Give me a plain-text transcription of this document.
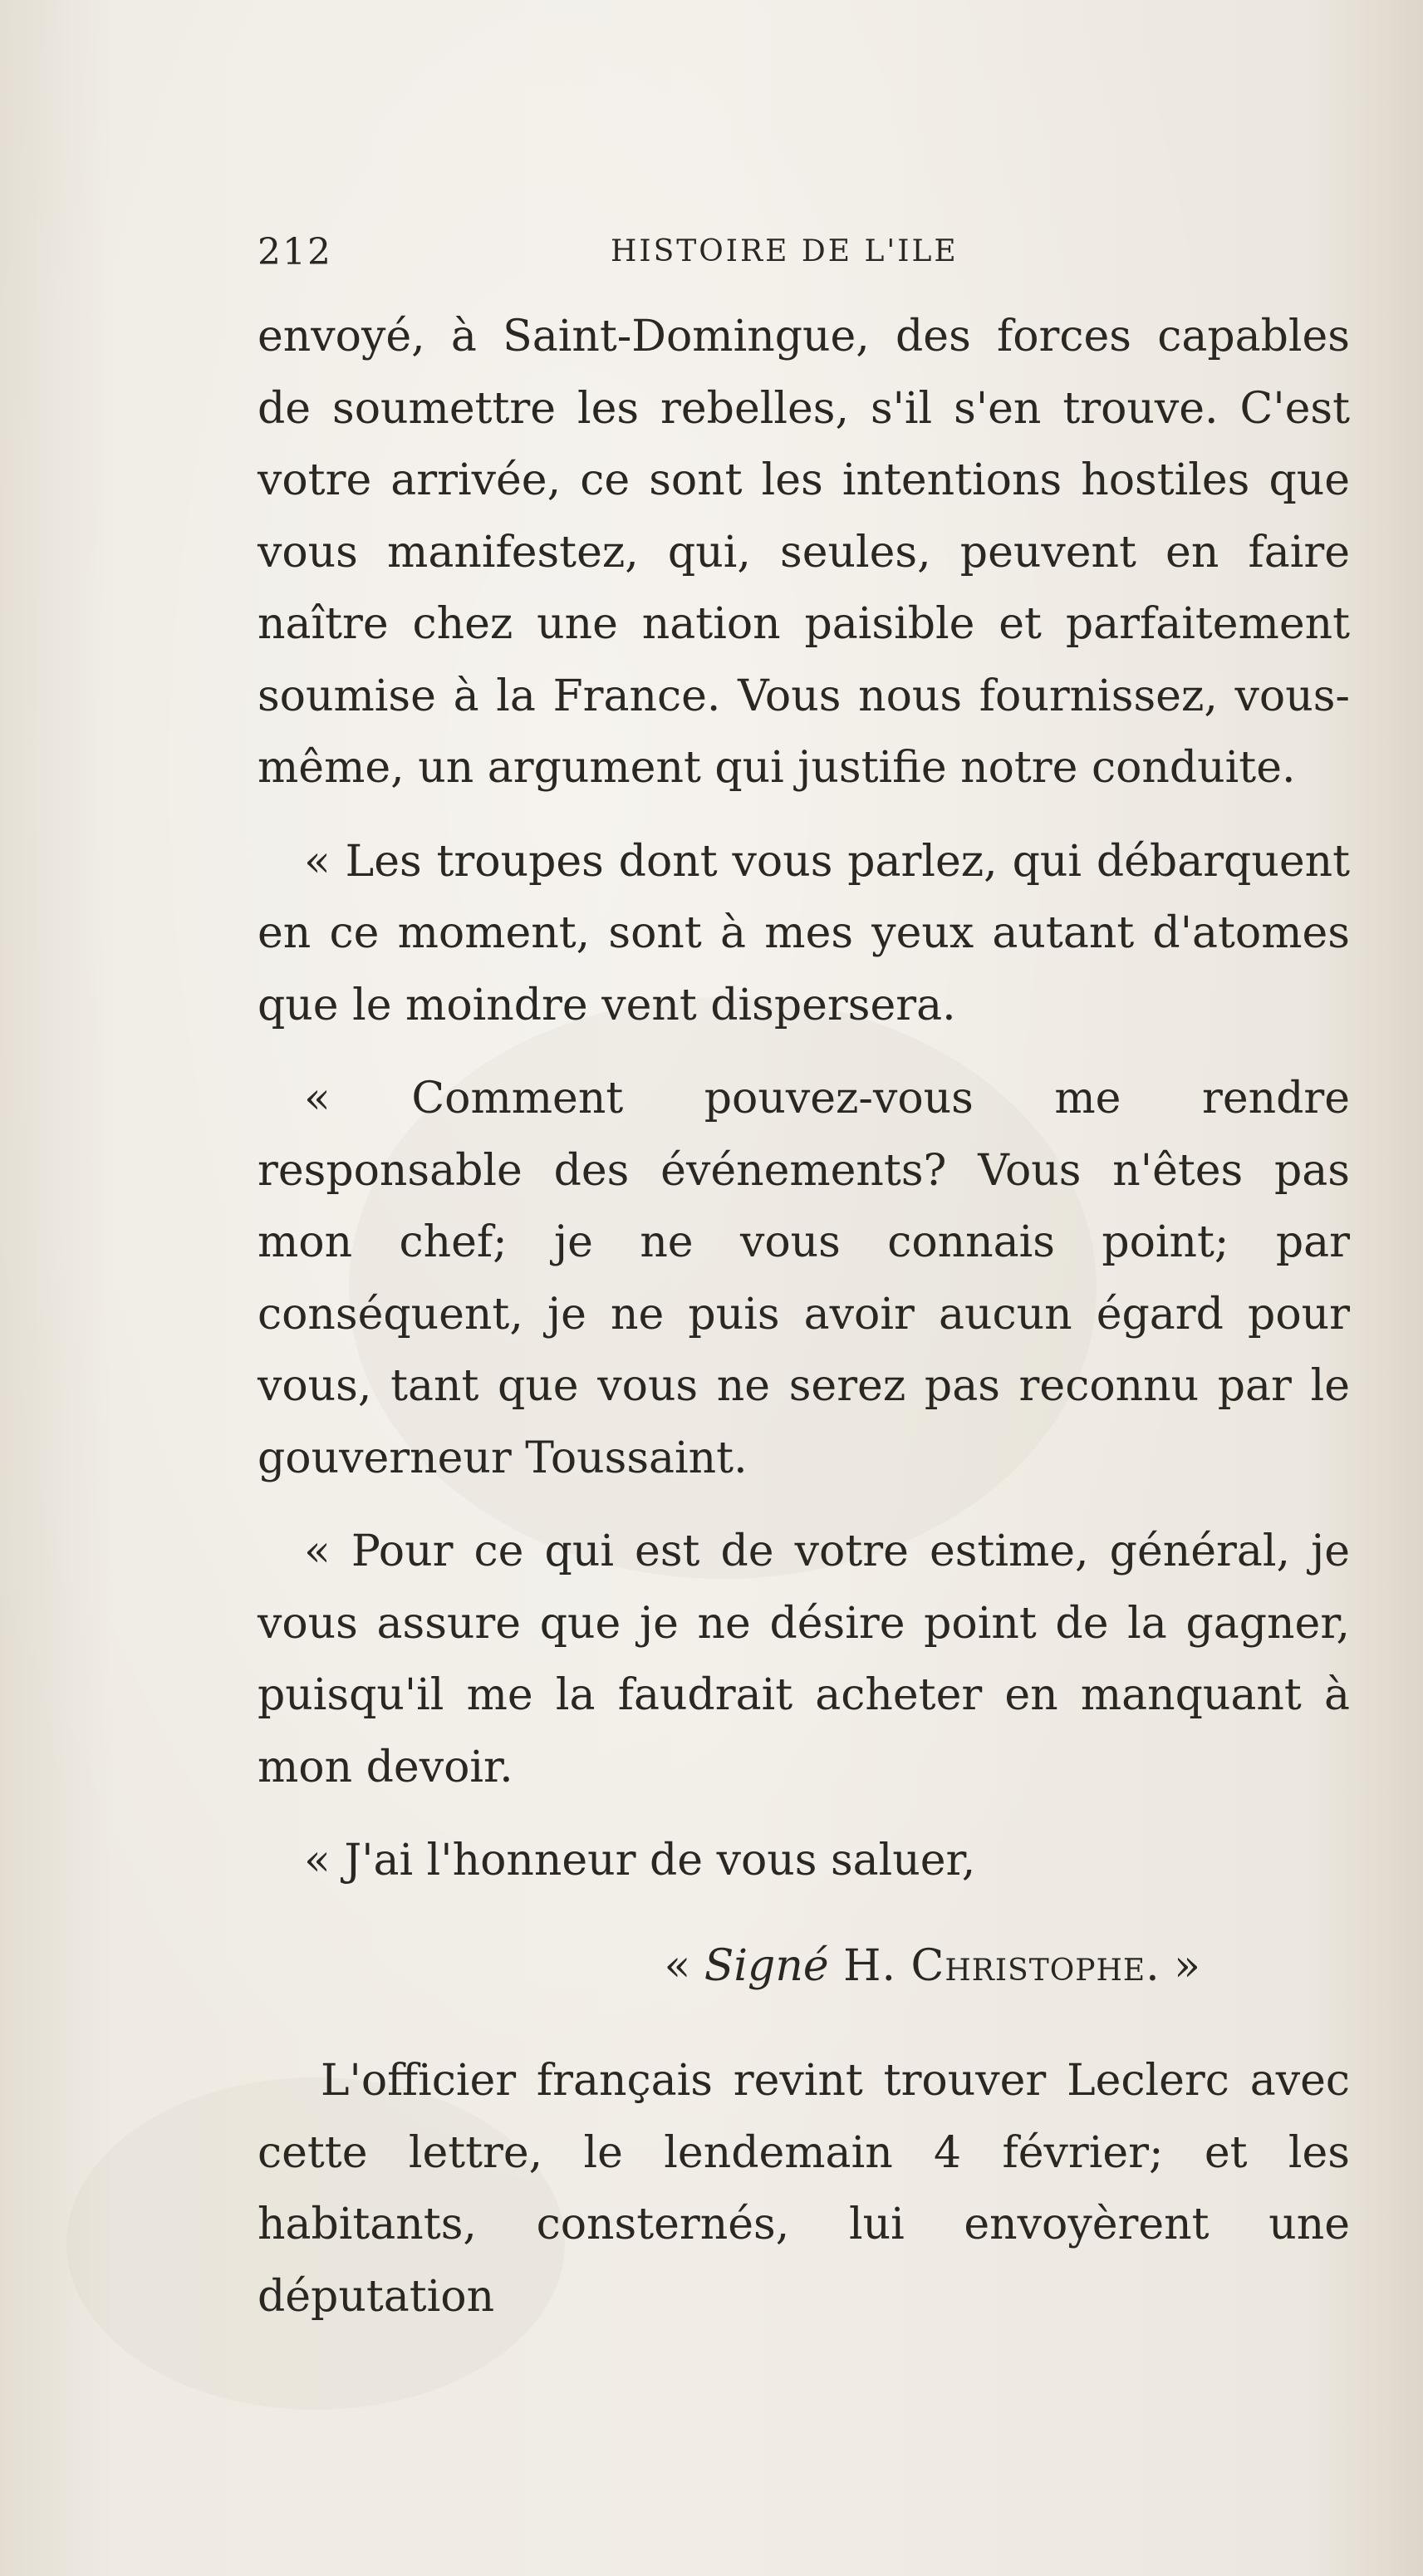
212	HISTOIRE DE L'ILE

envoyé, à Saint-Domingue, des forces capables de soumettre les rebelles, s'il s'en trouve. C'est votre arrivée, ce sont les intentions hostiles que vous manifestez, qui, seules, peuvent en faire naître chez une nation paisible et parfaitement soumise à la France. Vous nous fournissez, vous-même, un argument qui justifie notre conduite.

« Les troupes dont vous parlez, qui débarquent en ce moment, sont à mes yeux autant d'atomes que le moindre vent dispersera.

« Comment pouvez-vous me rendre responsable des événements? Vous n'êtes pas mon chef; je ne vous connais point; par conséquent, je ne puis avoir aucun égard pour vous, tant que vous ne serez pas reconnu par le gouverneur Toussaint.

« Pour ce qui est de votre estime, général, je vous assure que je ne désire point de la gagner, puisqu'il me la faudrait acheter en manquant à mon devoir.

« J'ai l'honneur de vous saluer,

« Signé H. Christophe. »

L'officier français revint trouver Leclerc avec cette lettre, le lendemain 4 février; et les habitants, consternés, lui envoyèrent une députation
